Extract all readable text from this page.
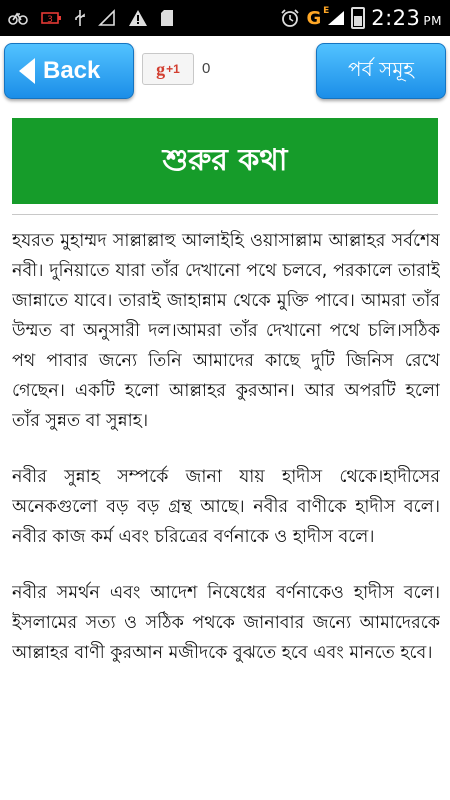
3	G E 2:23 PM
Back	g +1 0	পর্ব সমূহ
শুরুর কথা

হযরত মুহাম্মদ সাল্লাল্লাহু আলাইহি ওয়াসাল্লাম আল্লাহর সর্বশেষ নবী। দুনিয়াতে যারা তাঁর দেখানো পথে চলবে, পরকালে তারাই জান্নাতে যাবে। তারাই জাহান্নাম থেকে মুক্তি পাবে। আমরা তাঁর উম্মত বা অনুসারী দল।আমরা তাঁর দেখানো পথে চলি।সঠিক পথ পাবার জন্যে তিনি আমাদের কাছে দুটি জিনিস রেখে গেছেন। একটি হলো আল্লাহর কুরআন। আর অপরটি হলো তাঁর সুন্নত বা সুন্নাহ।

নবীর সুন্নাহ সম্পর্কে জানা যায় হাদীস থেকে।হাদীসের অনেকগুলো বড় বড় গ্রন্থ আছে। নবীর বাণীকে হাদীস বলে। নবীর কাজ কর্ম এবং চরিত্রের বর্ণনাকে ও হাদীস বলে।

নবীর সমর্থন এবং আদেশ নিষেধের বর্ণনাকেও হাদীস বলে। ইসলামের সত্য ও সঠিক পথকে জানাবার জন্যে আমাদেরকে আল্লাহর বাণী কুরআন মজীদকে বুঝতে হবে এবং মানতে হবে।
